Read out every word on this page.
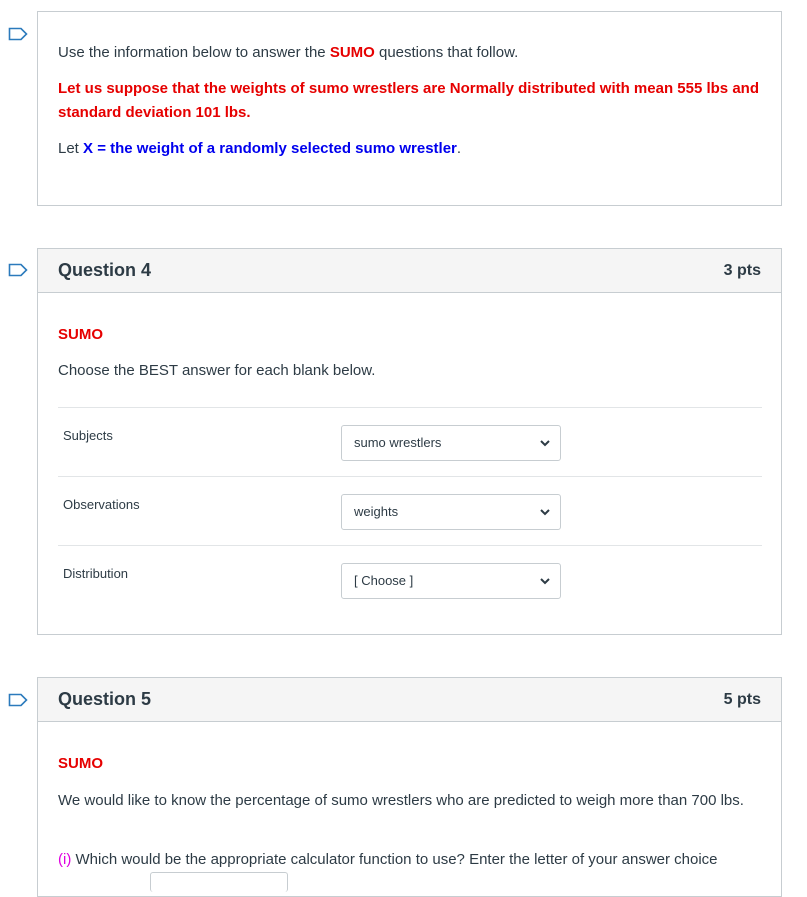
Use the information below to answer the SUMO questions that follow.

Let us suppose that the weights of sumo wrestlers are Normally distributed with mean 555 lbs and standard deviation 101 lbs.

Let X = the weight of a randomly selected sumo wrestler.

Question 4	3 pts

SUMO

Choose the BEST answer for each blank below.

Subjects	sumo wrestlers
Observations	weights
Distribution	[ Choose ]
Question 5	5 pts

SUMO

We would like to know the percentage of sumo wrestlers who are predicted to weigh more than 700 lbs.

(i) Which would be the appropriate calculator function to use? Enter the letter of your answer choice
